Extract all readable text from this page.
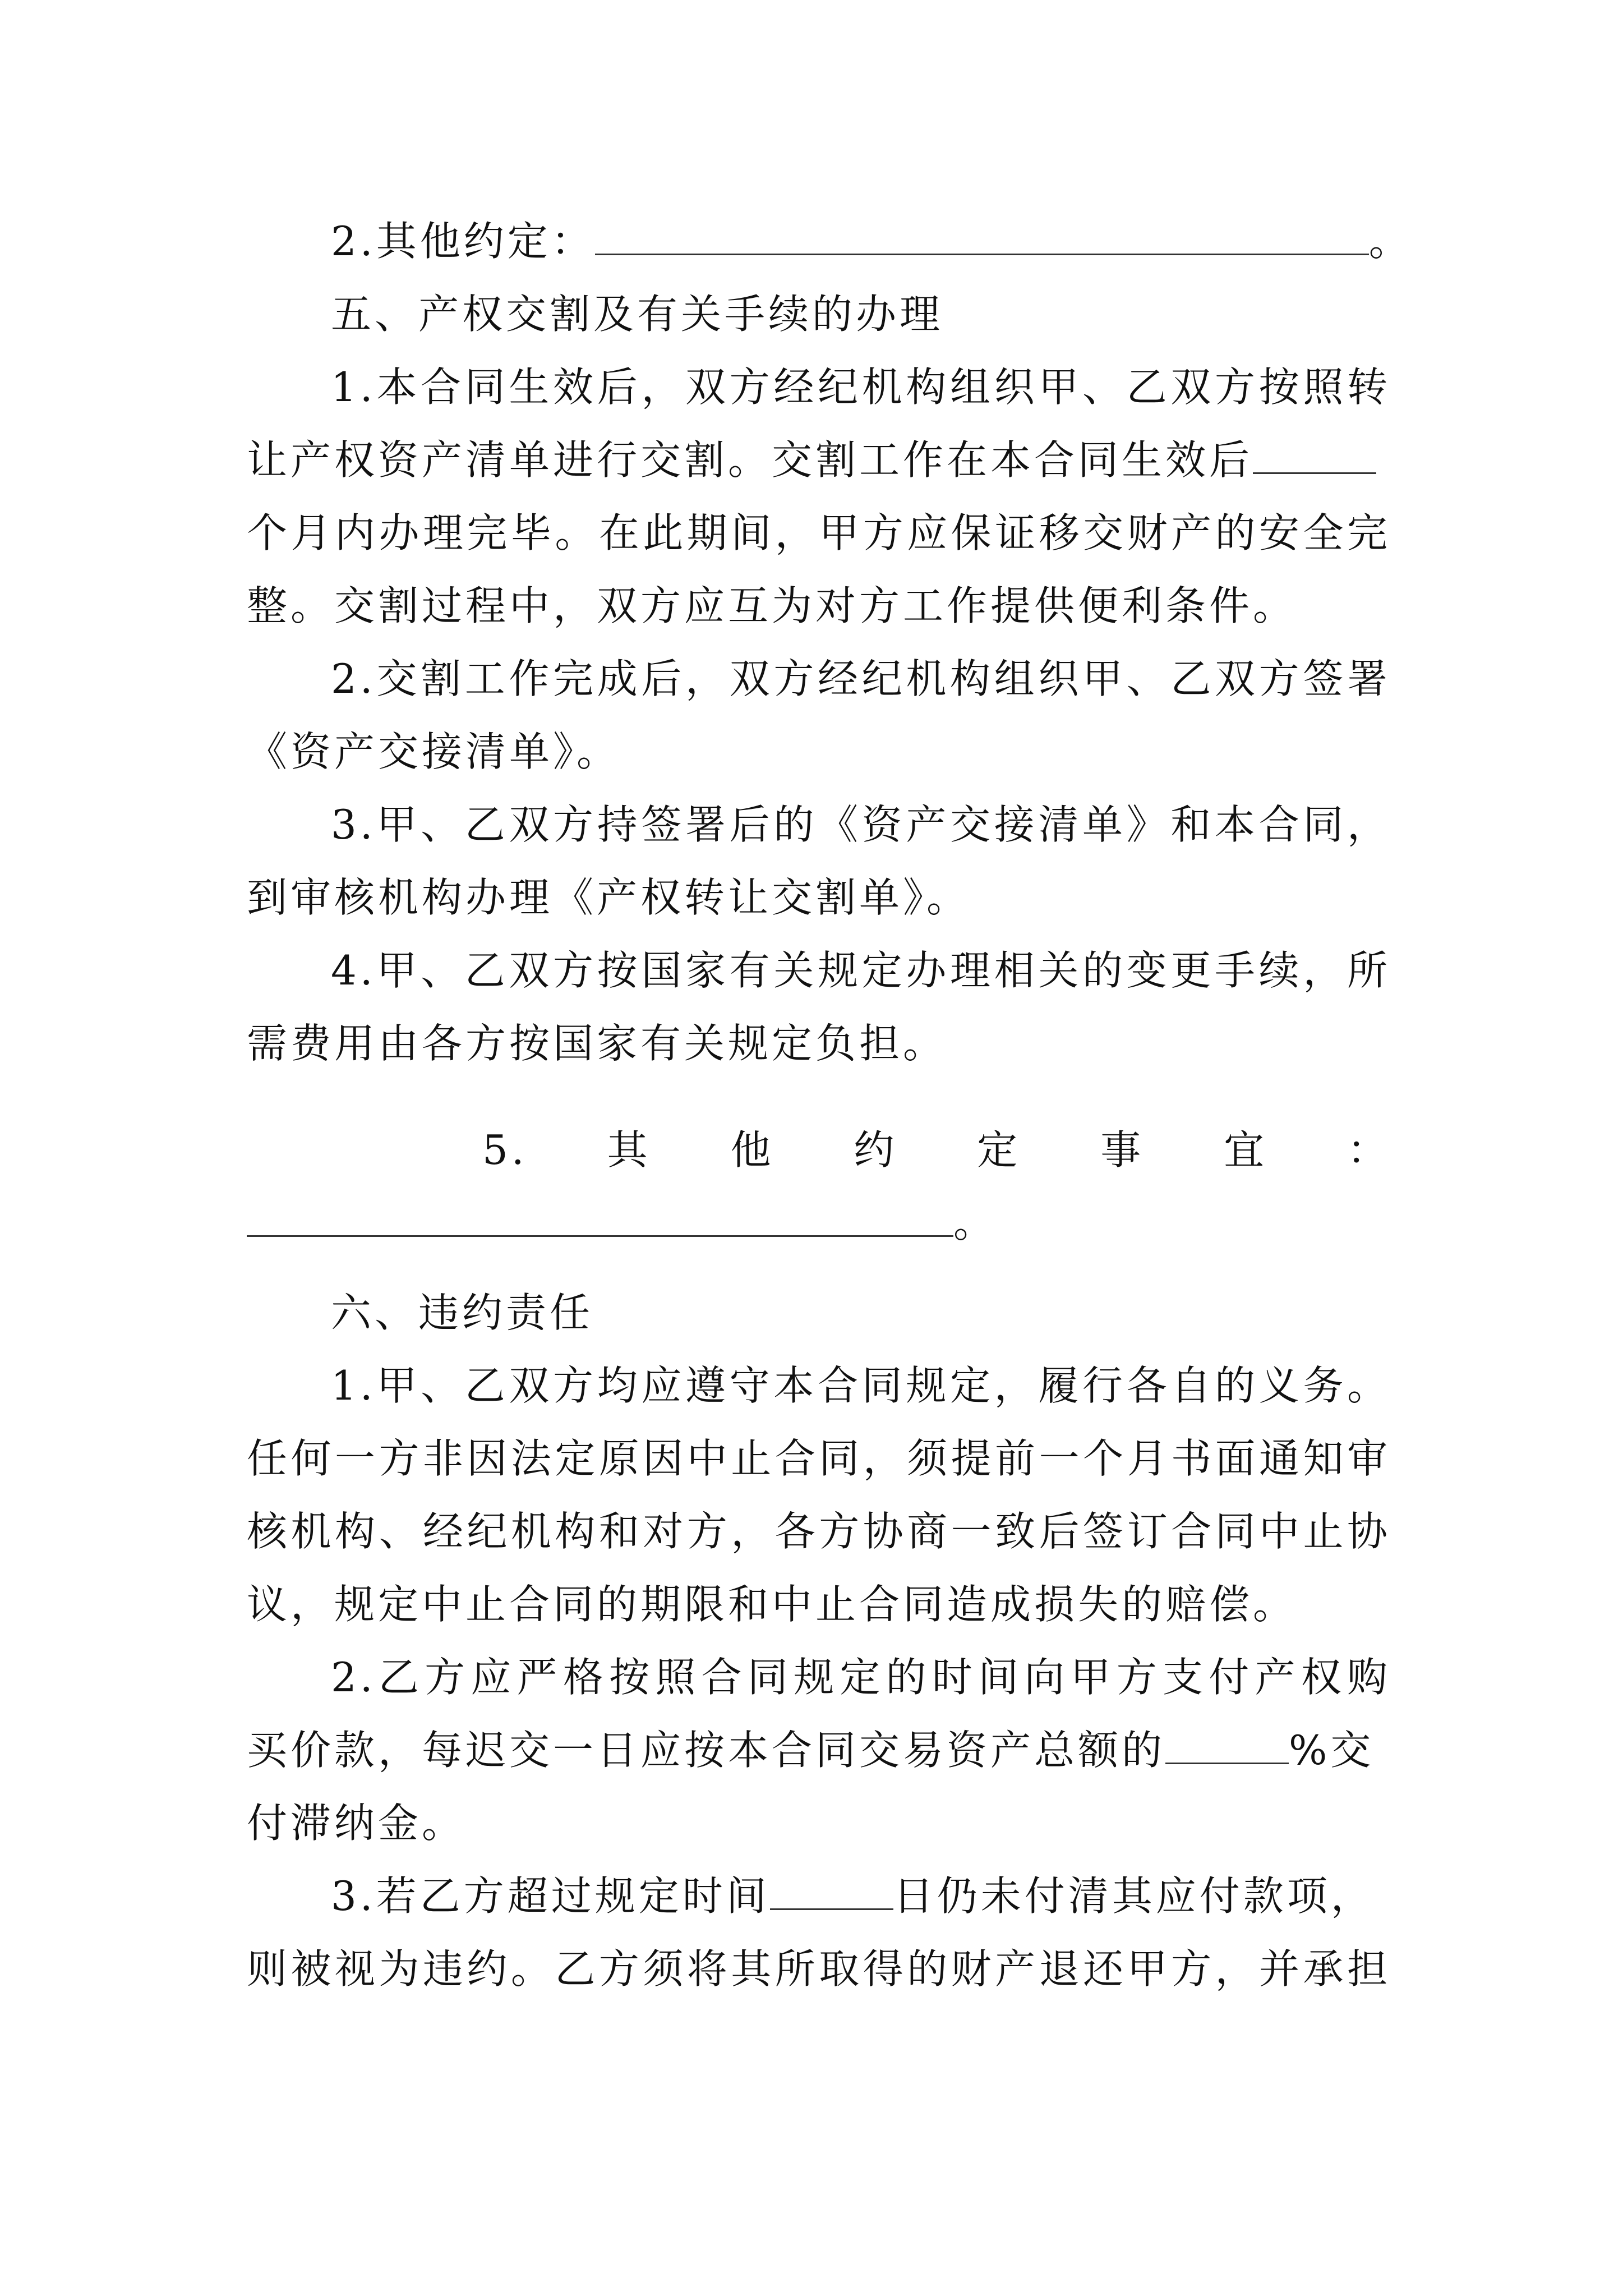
2.其他约定：	。
五、产权交割及有关手续的办理
1.本合同生效后，双方经纪机构组织甲、乙双方按照转
让产权资产清单进行交割。交割工作在本合同生效后
个月内办理完毕。在此期间，甲方应保证移交财产的安全完
整。交割过程中，双方应互为对方工作提供便利条件。
2.交割工作完成后，双方经纪机构组织甲、乙双方签署
《资产交接清单》。
3.甲、乙双方持签署后的《资产交接清单》和本合同，
到审核机构办理《产权转让交割单》。
4.甲、乙双方按国家有关规定办理相关的变更手续，所
需费用由各方按国家有关规定负担。
5.　其　他　约　定　事　宜　：
。
六、违约责任
1.甲、乙双方均应遵守本合同规定，履行各自的义务。
任何一方非因法定原因中止合同，须提前一个月书面通知审
核机构、经纪机构和对方，各方协商一致后签订合同中止协
议，规定中止合同的期限和中止合同造成损失的赔偿。
2.乙方应严格按照合同规定的时间向甲方支付产权购
买价款，每迟交一日应按本合同交易资产总额的	%交
付滞纳金。
3.若乙方超过规定时间	日仍未付清其应付款项，
则被视为违约。乙方须将其所取得的财产退还甲方，并承担
